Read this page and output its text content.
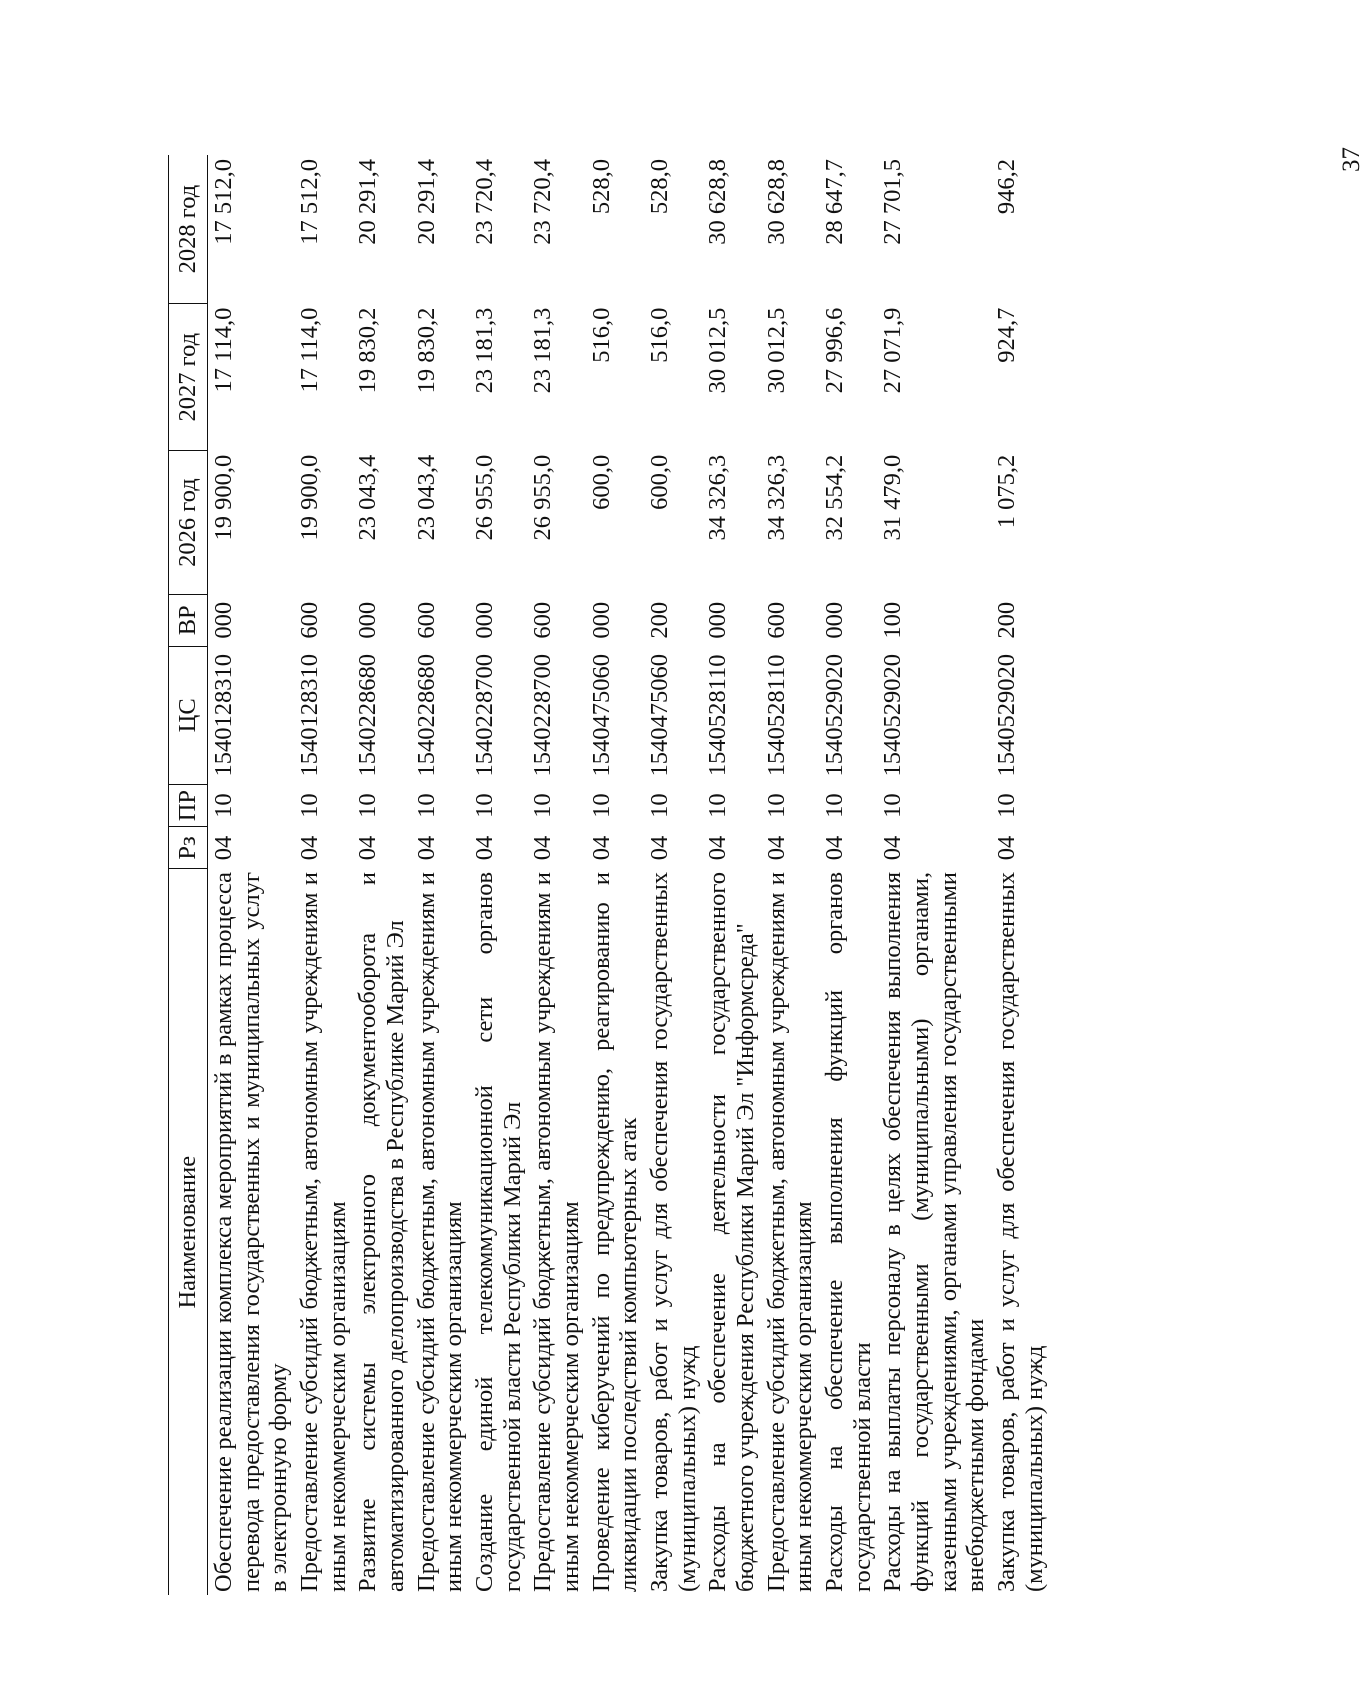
37
Наименование	Рз	ПР	ЦС	ВР	2026 год	2027 год	2028 год
Обеспечение реализации комплекса мероприятий в рамках процесса перевода предоставления государственных и муниципальных услуг в электронную форму	04	10	1540128310	000	19 900,0	17 114,0	17 512,0
Предоставление субсидий бюджетным, автономным учреждениям и иным некоммерческим организациям	04	10	1540128310	600	19 900,0	17 114,0	17 512,0
Развитие системы электронного документооборота и автоматизированного делопроизводства в Республике Марий Эл	04	10	1540228680	000	23 043,4	19 830,2	20 291,4
Предоставление субсидий бюджетным, автономным учреждениям и иным некоммерческим организациям	04	10	1540228680	600	23 043,4	19 830,2	20 291,4
Создание единой телекоммуникационной сети органов государственной власти Республики Марий Эл	04	10	1540228700	000	26 955,0	23 181,3	23 720,4
Предоставление субсидий бюджетным, автономным учреждениям и иным некоммерческим организациям	04	10	1540228700	600	26 955,0	23 181,3	23 720,4
Проведение киберучений по предупреждению, реагированию и ликвидации последствий компьютерных атак	04	10	1540475060	000	600,0	516,0	528,0
Закупка товаров, работ и услуг для обеспечения государственных (муниципальных) нужд	04	10	1540475060	200	600,0	516,0	528,0
Расходы на обеспечение деятельности государственного бюджетного учреждения Республики Марий Эл "Информсреда"	04	10	1540528110	000	34 326,3	30 012,5	30 628,8
Предоставление субсидий бюджетным, автономным учреждениям и иным некоммерческим организациям	04	10	1540528110	600	34 326,3	30 012,5	30 628,8
Расходы на обеспечение выполнения функций органов государственной власти	04	10	1540529020	000	32 554,2	27 996,6	28 647,7
Расходы на выплаты персоналу в целях обеспечения выполнения функций государственными (муниципальными) органами, казенными учреждениями, органами управления государственными внебюджетными фондами	04	10	1540529020	100	31 479,0	27 071,9	27 701,5
Закупка товаров, работ и услуг для обеспечения государственных (муниципальных) нужд	04	10	1540529020	200	1 075,2	924,7	946,2
